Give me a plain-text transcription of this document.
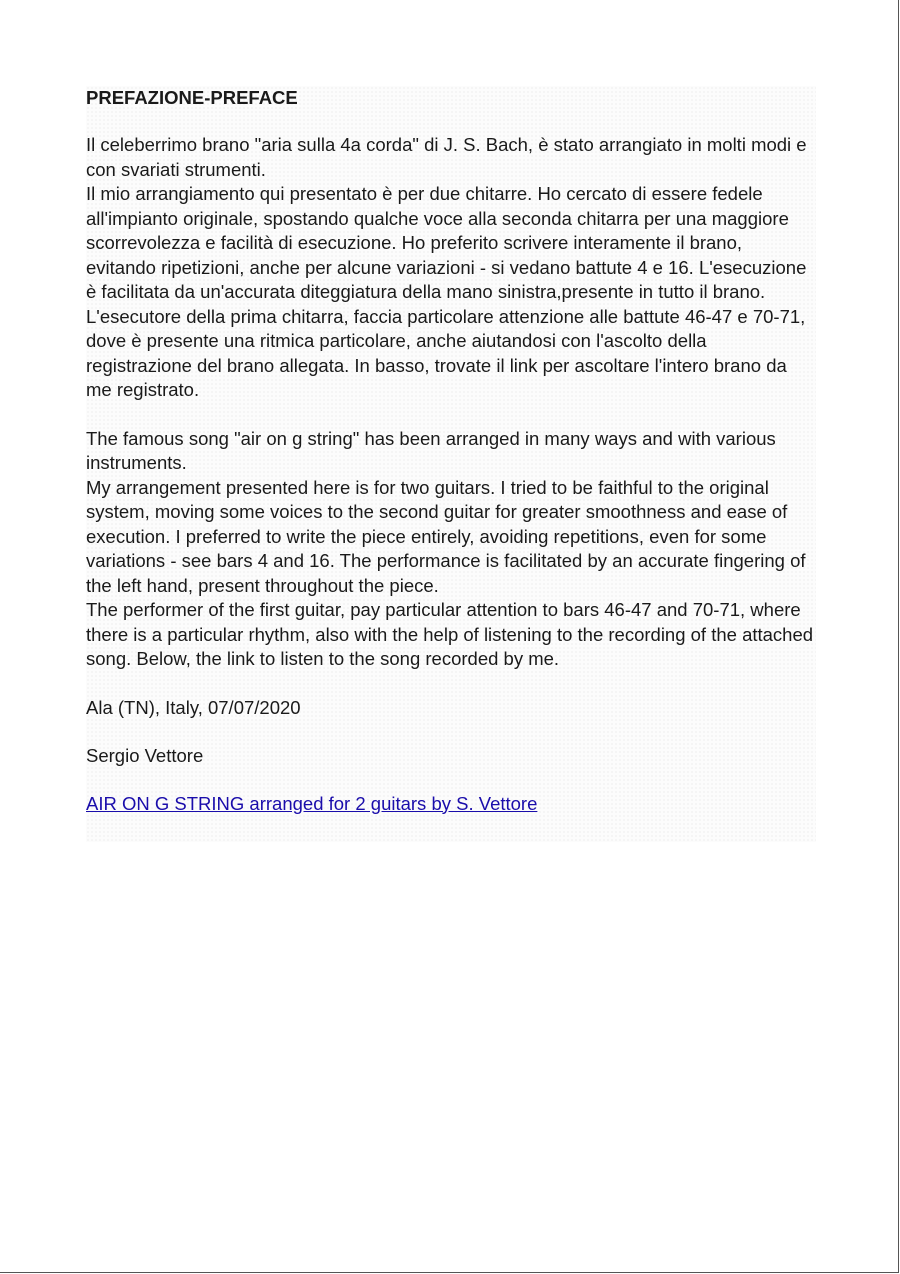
PREFAZIONE-PREFACE

Il celeberrimo brano "aria sulla 4a corda" di J. S. Bach, è stato arrangiato in molti modi e con svariati strumenti.

Il mio arrangiamento qui presentato è per due chitarre. Ho cercato di essere fedele all'impianto originale, spostando qualche voce alla seconda chitarra per una maggiore scorrevolezza e facilità di esecuzione. Ho preferito scrivere interamente il brano, evitando ripetizioni, anche per alcune variazioni - si vedano battute 4 e 16. L'esecuzione è facilitata da un'accurata diteggiatura della mano sinistra,presente in tutto il brano. L'esecutore della prima chitarra, faccia particolare attenzione alle battute 46-47 e 70-71, dove è presente una ritmica particolare, anche aiutandosi con l'ascolto della registrazione del brano allegata. In basso, trovate il link per ascoltare l'intero brano da me registrato.

The famous song "air on g string" has been arranged in many ways and with various instruments.

My arrangement presented here is for two guitars. I tried to be faithful to the original system, moving some voices to the second guitar for greater smoothness and ease of execution. I preferred to write the piece entirely, avoiding repetitions, even for some variations - see bars 4 and 16. The performance is facilitated by an accurate fingering of the left hand, present throughout the piece.

The performer of the first guitar, pay particular attention to bars 46-47 and 70-71, where there is a particular rhythm, also with the help of listening to the recording of the attached song. Below, the link to listen to the song recorded by me.

Ala (TN), Italy, 07/07/2020

Sergio Vettore

AIR ON G STRING arranged for 2 guitars by S. Vettore
